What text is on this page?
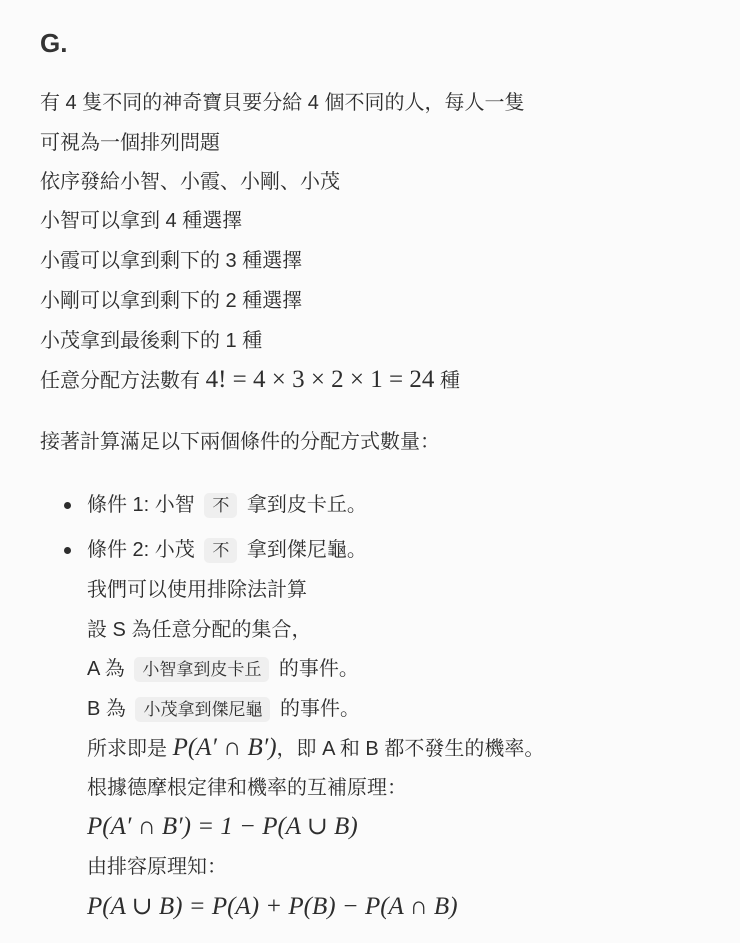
G.
有 4 隻不同的神奇寶貝要分給 4 個不同的人，每人一隻
可視為一個排列問題
依序發給小智、小霞、小剛、小茂
小智可以拿到 4 種選擇
小霞可以拿到剩下的 3 種選擇
小剛可以拿到剩下的 2 種選擇
小茂拿到最後剩下的 1 種
任意分配方法數有 4! = 4 × 3 × 2 × 1 = 24 種
接著計算滿足以下兩個條件的分配方式數量：
條件 1: 小智 不 拿到皮卡丘。
條件 2: 小茂 不 拿到傑尼龜。
我們可以使用排除法計算
設 S 為任意分配的集合，
A 為 小智拿到皮卡丘 的事件。
B 為 小茂拿到傑尼龜 的事件。
所求即是 P(A′ ∩ B′)，即 A 和 B 都不發生的機率。
根據德摩根定律和機率的互補原理：
P(A′ ∩ B′) = 1 − P(A ∪ B)
由排容原理知：
P(A ∪ B) = P(A) + P(B) − P(A ∩ B)
